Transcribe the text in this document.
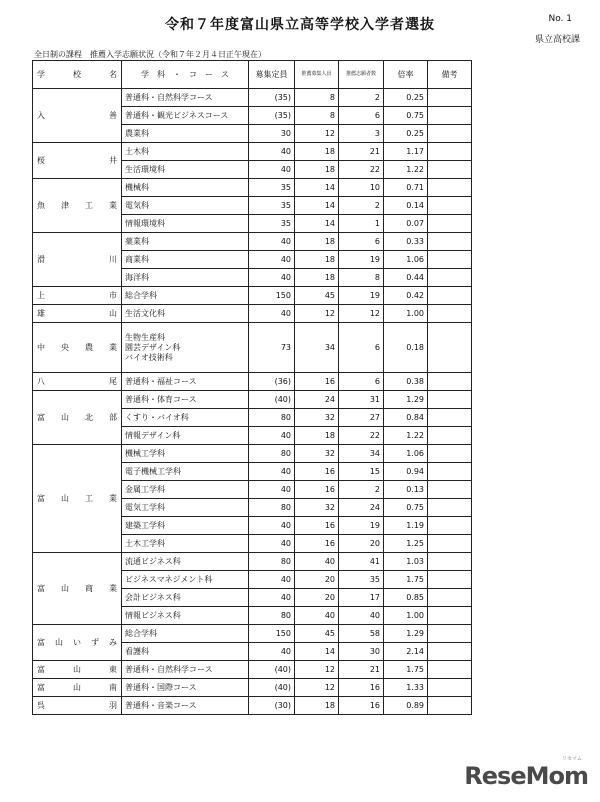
令和７年度富山県立高等学校入学者選抜	No. 1
県立高校課
全日制の課程　推薦入学志願状況（令和７年２月４日正午現在）
学 校 名	学　科　・　コ　ー　ス	募集定員	推薦募集人員	推薦志願者数	倍率	備考

入 善	普通科・自然科学コース	(35)	8	2	0.25	
	普通科・観光ビジネスコース	(35)	8	6	0.75	
	農業科	30	12	3	0.25	

桜 井	土木科	40	18	21	1.17	
	生活環境科	40	18	22	1.22	

魚 津 工 業	機械科	35	14	10	0.71	
	電気科	35	14	2	0.14	
	情報環境科	35	14	1	0.07	

滑 川	薬業科	40	18	6	0.33	
	商業科	40	18	19	1.06	
	海洋科	40	18	8	0.44	

上 市	総合学科	150	45	19	0.42	

雄 山	生活文化科	40	12	12	1.00	

中 央 農 業	生物生産科
園芸デザイン科
バイオ技術科	73	34	6	0.18	

八 尾	普通科・福祉コース	(36)	16	6	0.38	

富 山 北 部	普通科・体育コース	(40)	24	31	1.29	
	くすり・バイオ科	80	32	27	0.84	
	情報デザイン科	40	18	22	1.22	

富 山 工 業	機械工学科	80	32	34	1.06	
	電子機械工学科	40	16	15	0.94	
	金属工学科	40	16	2	0.13	
	電気工学科	80	32	24	0.75	
	建築工学科	40	16	19	1.19	
	土木工学科	40	16	20	1.25	

富 山 商 業	流通ビジネス科	80	40	41	1.03	
	ビジネスマネジメント科	40	20	35	1.75	
	会計ビジネス科	40	20	17	0.85	
	情報ビジネス科	80	40	40	1.00	

富 山 い ず み	総合学科	150	45	58	1.29	
	看護科	40	14	30	2.14	

富 山 東	普通科・自然科学コース	(40)	12	21	1.75	

富 山 南	普通科・国際コース	(40)	12	16	1.33	

呉 羽	普通科・音楽コース	(30)	18	16	0.89	
リセマム
ReseMom
